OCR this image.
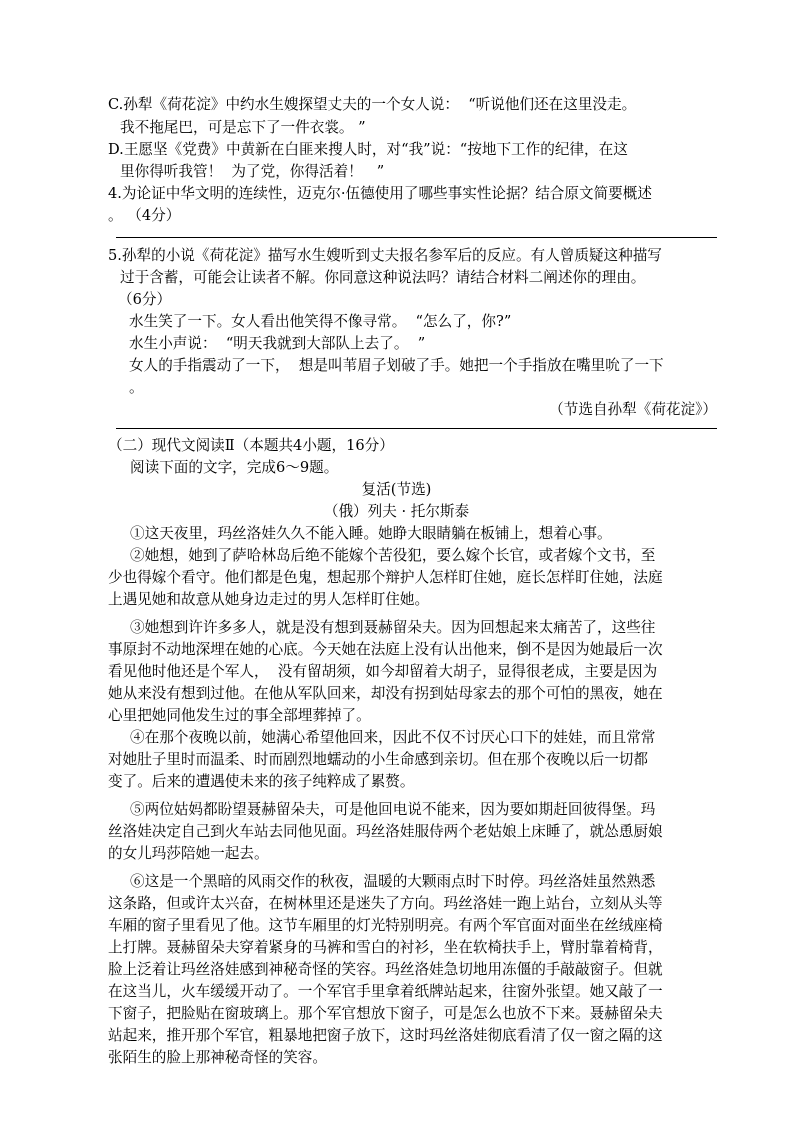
C.孙犁《荷花淀》中约水生嫂探望丈夫的一个女人说：  “听说他们还在这里没走。
我不拖尾巴，可是忘下了一件衣裳。 ”
D.王愿坚《党费》中黄新在白匪来搜人时，对“我”说：“按地下工作的纪律，在这
里你得听我管！  为了党，你得活着！   ”
4.为论证中华文明的连续性，迈克尔·伍德使用了哪些事实性论据？结合原文简要概述
。 （4分）
5.孙犁的小说《荷花淀》描写水生嫂听到丈夫报名参军后的反应。有人曾质疑这种描写
过于含蓄，可能会让读者不解。你同意这种说法吗？请结合材料二阐述你的理由。
（6分）
水生笑了一下。女人看出他笑得不像寻常。  “怎么了，你?”
水生小声说：  “明天我就到大部队上去了。  ”
女人的手指震动了一下，  想是叫苇眉子划破了手。她把一个手指放在嘴里吮了一下
。
（节选自孙犁《荷花淀》）
（二）现代文阅读Ⅱ（本题共4小题，16分）
阅读下面的文字，完成6～9题。
复活(节选)
（俄）列夫 · 托尔斯泰
①这天夜里，玛丝洛娃久久不能入睡。她睁大眼睛躺在板铺上，想着心事。
②她想，她到了萨哈林岛后绝不能嫁个苦役犯，要么嫁个长官，或者嫁个文书，至
少也得嫁个看守。他们都是色鬼，想起那个辩护人怎样盯住她，庭长怎样盯住她，法庭
上遇见她和故意从她身边走过的男人怎样盯住她。
③她想到许许多多人，就是没有想到聂赫留朵夫。因为回想起来太痛苦了，这些往
事原封不动地深埋在她的心底。今天她在法庭上没有认出他来，倒不是因为她最后一次
看见他时他还是个军人，  没有留胡须，如今却留着大胡子，显得很老成，主要是因为
她从来没有想到过他。在他从军队回来，却没有拐到姑母家去的那个可怕的黑夜，她在
心里把她同他发生过的事全部埋葬掉了。
④在那个夜晚以前，她满心希望他回来，因此不仅不讨厌心口下的娃娃，而且常常
对她肚子里时而温柔、时而剧烈地蠕动的小生命感到亲切。但在那个夜晚以后一切都
变了。后来的遭遇使未来的孩子纯粹成了累赘。
⑤两位姑妈都盼望聂赫留朵夫，可是他回电说不能来，因为要如期赶回彼得堡。玛
丝洛娃决定自己到火车站去同他见面。玛丝洛娃服侍两个老姑娘上床睡了，就怂恿厨娘
的女儿玛莎陪她一起去。
⑥这是一个黑暗的风雨交作的秋夜，温暖的大颗雨点时下时停。玛丝洛娃虽然熟悉
这条路，但或许太兴奋，在树林里还是迷失了方向。玛丝洛娃一跑上站台，立刻从头等
车厢的窗子里看见了他。这节车厢里的灯光特别明亮。有两个军官面对面坐在丝绒座椅
上打牌。聂赫留朵夫穿着紧身的马裤和雪白的衬衫，坐在软椅扶手上，臂肘靠着椅背，
脸上泛着让玛丝洛娃感到神秘奇怪的笑容。玛丝洛娃急切地用冻僵的手敲敲窗子。但就
在这当儿，火车缓缓开动了。一个军官手里拿着纸牌站起来，往窗外张望。她又敲了一
下窗子，把脸贴在窗玻璃上。那个军官想放下窗子，可是怎么也放不下来。聂赫留朵夫
站起来，推开那个军官，粗暴地把窗子放下，这时玛丝洛娃彻底看清了仅一窗之隔的这
张陌生的脸上那神秘奇怪的笑容。
